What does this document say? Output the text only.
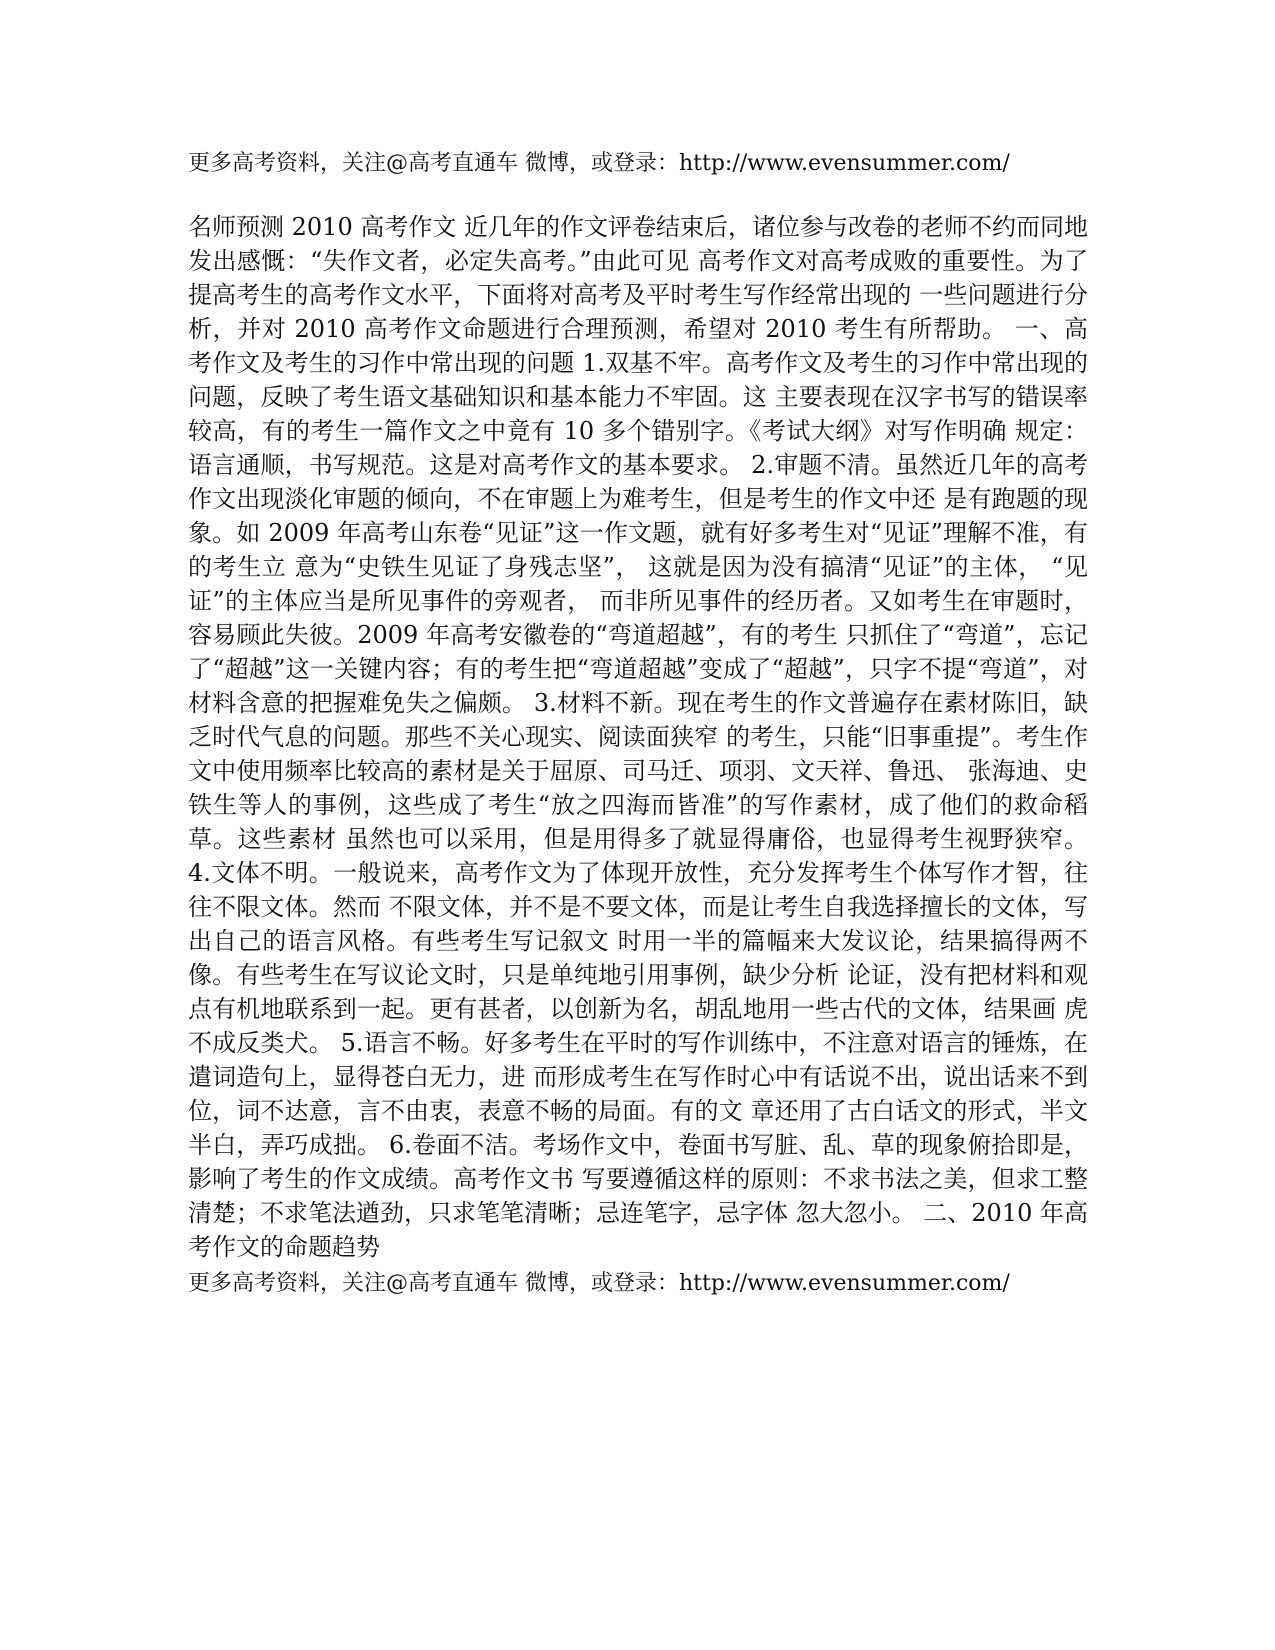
更多高考资料，关注@高考直通车 微博，或登录：http://www.evensummer.com/
名师预测 2010 高考作文 近几年的作文评卷结束后，诸位参与改卷的老师不约而同地发出感慨：“失作文者，必定失高考。”由此可见 高考作文对高考成败的重要性。为了提高考生的高考作文水平，下面将对高考及平时考生写作经常出现的 一些问题进行分析，并对 2010 高考作文命题进行合理预测，希望对 2010 考生有所帮助。 一、高考作文及考生的习作中常出现的问题 1.双基不牢。高考作文及考生的习作中常出现的问题，反映了考生语文基础知识和基本能力不牢固。这 主要表现在汉字书写的错误率较高，有的考生一篇作文之中竟有 10 多个错别字。《考试大纲》对写作明确 规定：语言通顺，书写规范。这是对高考作文的基本要求。 2.审题不清。虽然近几年的高考作文出现淡化审题的倾向，不在审题上为难考生，但是考生的作文中还 是有跑题的现象。如 2009 年高考山东卷“见证”这一作文题，就有好多考生对“见证”理解不准，有的考生立 意为“史铁生见证了身残志坚”， 这就是因为没有搞清“见证”的主体， “见证”的主体应当是所见事件的旁观者， 而非所见事件的经历者。又如考生在审题时，容易顾此失彼。2009 年高考安徽卷的“弯道超越”，有的考生 只抓住了“弯道”，忘记了“超越”这一关键内容；有的考生把“弯道超越”变成了“超越”，只字不提“弯道”，对 材料含意的把握难免失之偏颇。 3.材料不新。现在考生的作文普遍存在素材陈旧，缺乏时代气息的问题。那些不关心现实、阅读面狭窄 的考生，只能“旧事重提”。考生作文中使用频率比较高的素材是关于屈原、司马迁、项羽、文天祥、鲁迅、 张海迪、史铁生等人的事例，这些成了考生“放之四海而皆准”的写作素材，成了他们的救命稻草。这些素材 虽然也可以采用，但是用得多了就显得庸俗，也显得考生视野狭窄。 4.文体不明。一般说来，高考作文为了体现开放性，充分发挥考生个体写作才智，往往不限文体。然而 不限文体，并不是不要文体，而是让考生自我选择擅长的文体，写出自己的语言风格。有些考生写记叙文 时用一半的篇幅来大发议论，结果搞得两不像。有些考生在写议论文时，只是单纯地引用事例，缺少分析 论证，没有把材料和观点有机地联系到一起。更有甚者，以创新为名，胡乱地用一些古代的文体，结果画 虎不成反类犬。 5.语言不畅。好多考生在平时的写作训练中，不注意对语言的锤炼，在遣词造句上，显得苍白无力，进 而形成考生在写作时心中有话说不出，说出话来不到位，词不达意，言不由衷，表意不畅的局面。有的文 章还用了古白话文的形式，半文半白，弄巧成拙。 6.卷面不洁。考场作文中，卷面书写脏、乱、草的现象俯拾即是，影响了考生的作文成绩。高考作文书 写要遵循这样的原则：不求书法之美，但求工整清楚；不求笔法遒劲，只求笔笔清晰；忌连笔字，忌字体 忽大忽小。 二、2010 年高考作文的命题趋势
更多高考资料，关注@高考直通车 微博，或登录：http://www.evensummer.com/
